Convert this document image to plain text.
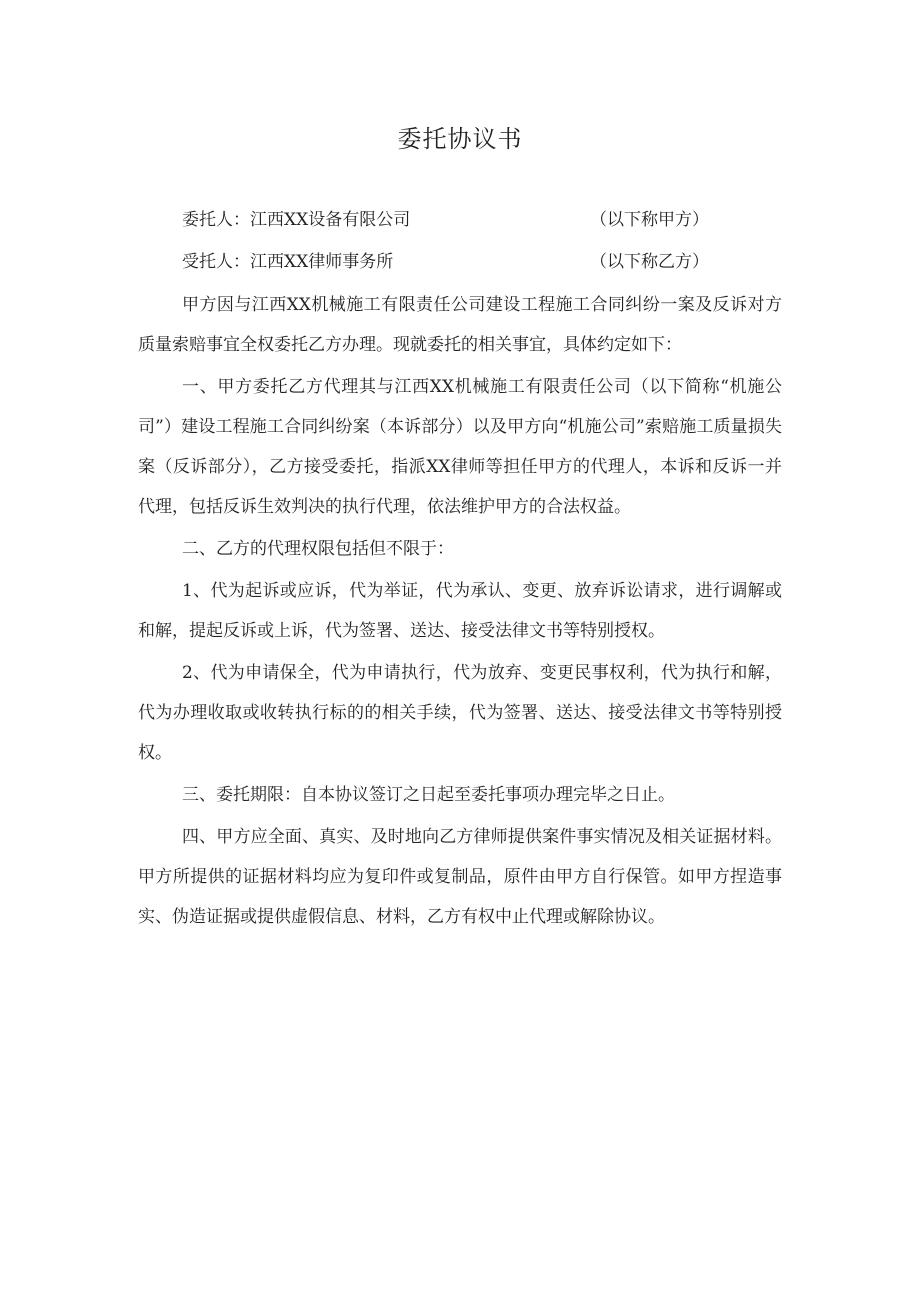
委托协议书
委托人：江西XX设备有限公司	（以下称甲方）
受托人：江西XX律师事务所	（以下称乙方）

甲方因与江西XX机械施工有限责任公司建设工程施工合同纠纷一案及反诉对方质量索赔事宜全权委托乙方办理。现就委托的相关事宜，具体约定如下：

一、甲方委托乙方代理其与江西XX机械施工有限责任公司（以下简称“机施公司”）建设工程施工合同纠纷案（本诉部分）以及甲方向“机施公司”索赔施工质量损失案（反诉部分），乙方接受委托，指派XX律师等担任甲方的代理人，本诉和反诉一并代理，包括反诉生效判决的执行代理，依法维护甲方的合法权益。

二、乙方的代理权限包括但不限于：

1、代为起诉或应诉，代为举证，代为承认、变更、放弃诉讼请求，进行调解或和解，提起反诉或上诉，代为签署、送达、接受法律文书等特别授权。

2、代为申请保全，代为申请执行，代为放弃、变更民事权利，代为执行和解，代为办理收取或收转执行标的的相关手续，代为签署、送达、接受法律文书等特别授权。

三、委托期限：自本协议签订之日起至委托事项办理完毕之日止。

四、甲方应全面、真实、及时地向乙方律师提供案件事实情况及相关证据材料。甲方所提供的证据材料均应为复印件或复制品，原件由甲方自行保管。如甲方捏造事实、伪造证据或提供虚假信息、材料，乙方有权中止代理或解除协议。
